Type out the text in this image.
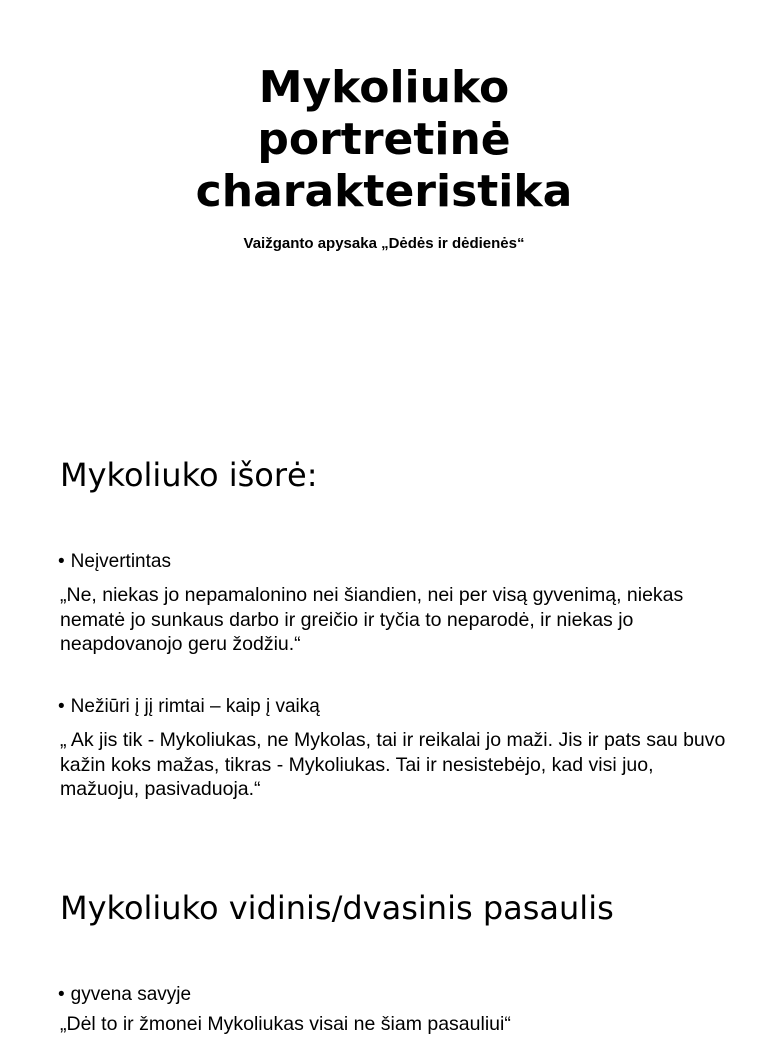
Mykoliuko
portretinė
charakteristika
Vaižganto apysaka „Dėdės ir dėdienės“
Mykoliuko išorė:
• Neįvertintas

„Ne, niekas jo nepamalonino nei šiandien, nei per visą gyvenimą, niekas nematė jo sunkaus darbo ir greičio ir tyčia to neparodė, ir niekas jo neapdovanojo geru žodžiu.“

• Nežiūri į jį rimtai – kaip į vaiką

„ Ak jis tik - Mykoliukas, ne Mykolas, tai ir reikalai jo maži. Jis ir pats sau buvo kažin koks mažas, tikras - Mykoliukas. Tai ir nesistebėjo, kad visi juo, mažuoju, pasivaduoja.“

Mykoliuko vidinis/dvasinis pasaulis
• gyvena savyje

„Dėl to ir žmonei Mykoliukas visai ne šiam pasauliui“
